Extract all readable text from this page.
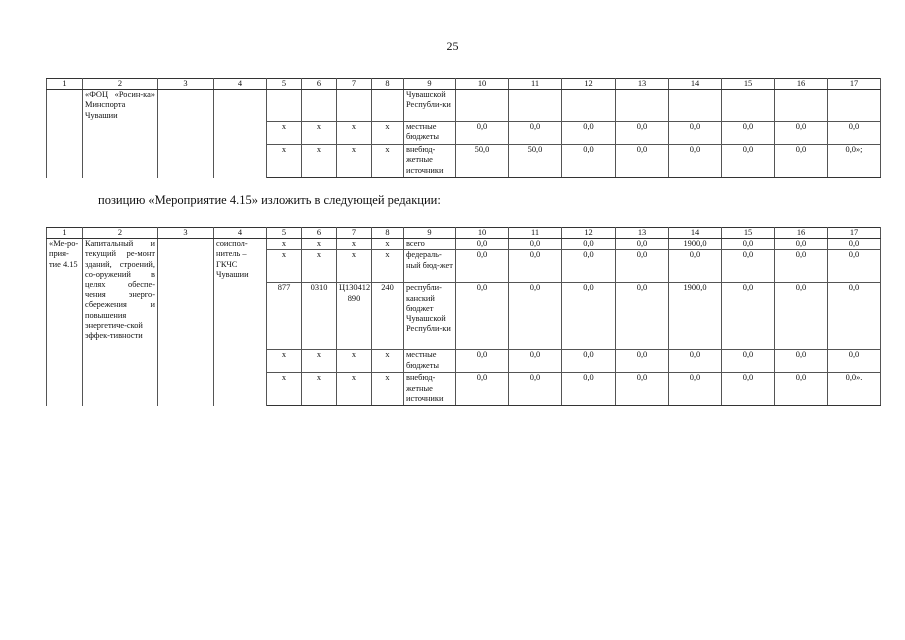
25
1	2	3	4	5	6	7	8	9	10	11	12	13	14	15	16	17
	«ФОЦ «Росин-ка» Минспорта Чувашии							Чувашской Республи-ки								
				x	x	x	x	местные бюджеты	0,0	0,0	0,0	0,0	0,0	0,0	0,0	0,0
				x	x	x	x	внебюд-жетные источники	50,0	50,0	0,0	0,0	0,0	0,0	0,0	0,0»;
позицию «Мероприятие 4.15» изложить в следующей редакции:
1	2	3	4	5	6	7	8	9	10	11	12	13	14	15	16	17
«Ме-ро-прия-тие 4.15	Капитальный и текущий ре-монт зданий, строений, со-оружений в целях обеспе-чения энерго-сбережения и повышения энергетиче-ской эффек-тивности		соиспол-нитель – ГКЧС Чувашии	x	x	x	x	всего	0,0	0,0	0,0	0,0	1900,0	0,0	0,0	0,0
				x	x	x	x	федераль-ный бюд-жет	0,0	0,0	0,0	0,0	0,0	0,0	0,0	0,0
				877	0310	Ц130412 890	240	республи-канский бюджет Чувашской Республи-ки	0,0	0,0	0,0	0,0	1900,0	0,0	0,0	0,0
				x	x	x	x	местные бюджеты	0,0	0,0	0,0	0,0	0,0	0,0	0,0	0,0
				x	x	x	x	внебюд-жетные источники	0,0	0,0	0,0	0,0	0,0	0,0	0,0	0,0».
